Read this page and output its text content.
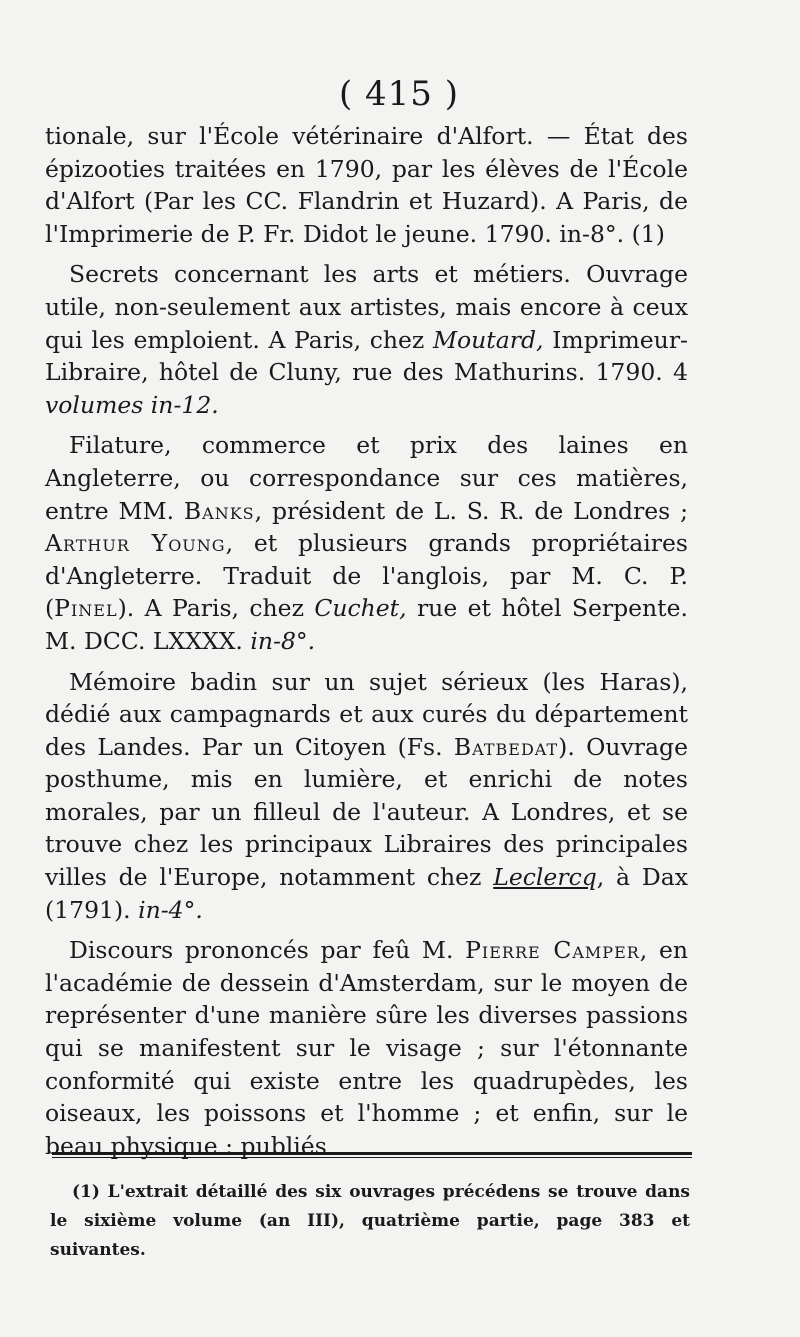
( 415 )

tionale, sur l'École vétérinaire d'Alfort. — État des épizooties traitées en 1790, par les élèves de l'École d'Alfort (Par les CC. Flandrin et Huzard). A Paris, de l'Imprimerie de P. Fr. Didot le jeune. 1790. in-8°. (1)

Secrets concernant les arts et métiers. Ouvrage utile, non-seulement aux artistes, mais encore à ceux qui les emploient. A Paris, chez Moutard, Imprimeur-Libraire, hôtel de Cluny, rue des Mathurins. 1790. 4 volumes in-12.

Filature, commerce et prix des laines en Angleterre, ou correspondance sur ces matières, entre MM. Banks, président de L. S. R. de Londres ; Arthur Young, et plusieurs grands propriétaires d'Angleterre. Traduit de l'anglois, par M. C. P. (Pinel). A Paris, chez Cuchet, rue et hôtel Serpente. M. DCC. LXXXX. in-8°.

Mémoire badin sur un sujet sérieux (les Haras), dédié aux campagnards et aux curés du département des Landes. Par un Citoyen (Fs. Batbedat). Ouvrage posthume, mis en lumière, et enrichi de notes morales, par un filleul de l'auteur. A Londres, et se trouve chez les principaux Libraires des principales villes de l'Europe, notamment chez Leclercq, à Dax (1791). in-4°.

Discours prononcés par feû M. Pierre Camper, en l'académie de dessein d'Amsterdam, sur le moyen de représenter d'une manière sûre les diverses passions qui se manifestent sur le visage ; sur l'étonnante conformité qui existe entre les quadrupèdes, les oiseaux, les poissons et l'homme ; et enfin, sur le beau physique : publiés

(1) L'extrait détaillé des six ouvrages précédens se trouve dans le sixième volume (an III), quatrième partie, page 383 et suivantes.
